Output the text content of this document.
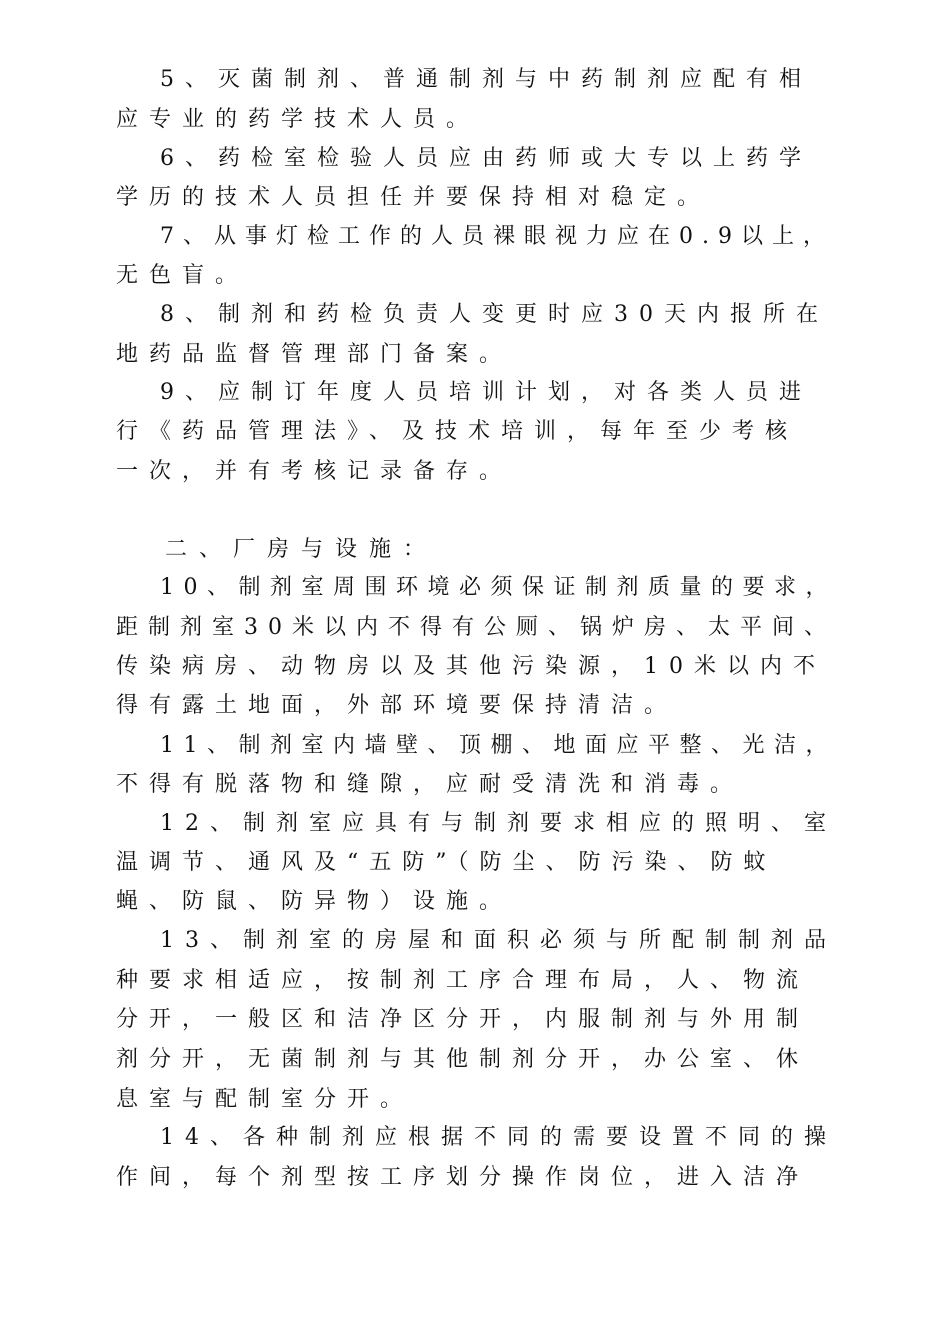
5、灭菌制剂、普通制剂与中药制剂应配有相
应专业的药学技术人员。
6、药检室检验人员应由药师或大专以上药学
学历的技术人员担任并要保持相对稳定。
7、从事灯检工作的人员裸眼视力应在0.9以上，
无色盲。
8、制剂和药检负责人变更时应30天内报所在
地药品监督管理部门备案。
9、应制订年度人员培训计划，对各类人员进
行《药品管理法》、及技术培训，每年至少考核
一次，并有考核记录备存。
二、厂房与设施：
10、制剂室周围环境必须保证制剂质量的要求，
距制剂室30米以内不得有公厕、锅炉房、太平间、
传染病房、动物房以及其他污染源，10米以内不
得有露土地面，外部环境要保持清洁。
11、制剂室内墙壁、顶棚、地面应平整、光洁，
不得有脱落物和缝隙，应耐受清洗和消毒。
12、制剂室应具有与制剂要求相应的照明、室
温调节、通风及“五防”（防尘、防污染、防蚊
蝇、防鼠、防异物）设施。
13、制剂室的房屋和面积必须与所配制制剂品
种要求相适应，按制剂工序合理布局，人、物流
分开，一般区和洁净区分开，内服制剂与外用制
剂分开，无菌制剂与其他制剂分开，办公室、休
息室与配制室分开。
14、各种制剂应根据不同的需要设置不同的操
作间，每个剂型按工序划分操作岗位，进入洁净
